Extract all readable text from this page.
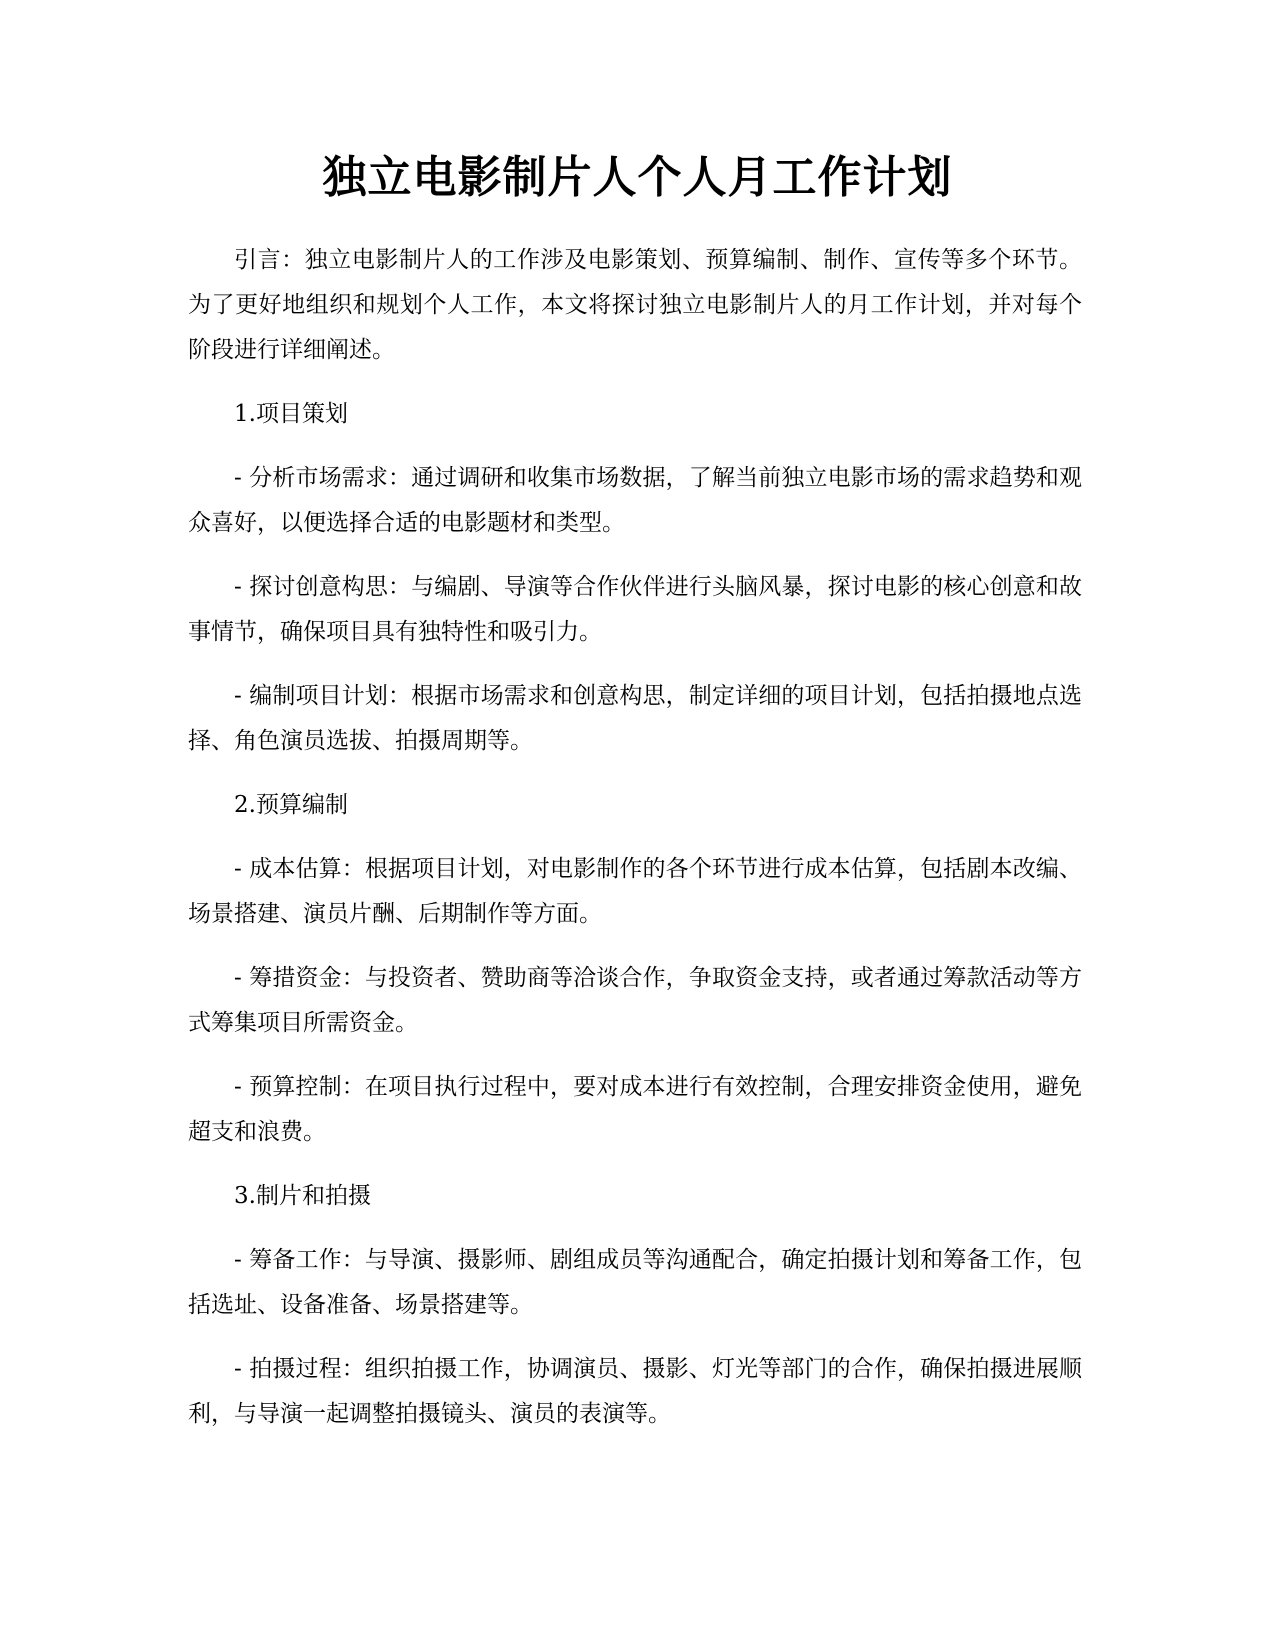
独立电影制片人个人月工作计划

引言：独立电影制片人的工作涉及电影策划、预算编制、制作、宣传等多个环节。为了更好地组织和规划个人工作，本文将探讨独立电影制片人的月工作计划，并对每个阶段进行详细阐述。

1.项目策划

- 分析市场需求：通过调研和收集市场数据，了解当前独立电影市场的需求趋势和观众喜好，以便选择合适的电影题材和类型。

- 探讨创意构思：与编剧、导演等合作伙伴进行头脑风暴，探讨电影的核心创意和故事情节，确保项目具有独特性和吸引力。

- 编制项目计划：根据市场需求和创意构思，制定详细的项目计划，包括拍摄地点选择、角色演员选拔、拍摄周期等。

2.预算编制

- 成本估算：根据项目计划，对电影制作的各个环节进行成本估算，包括剧本改编、场景搭建、演员片酬、后期制作等方面。

- 筹措资金：与投资者、赞助商等洽谈合作，争取资金支持，或者通过筹款活动等方式筹集项目所需资金。

- 预算控制：在项目执行过程中，要对成本进行有效控制，合理安排资金使用，避免超支和浪费。

3.制片和拍摄

- 筹备工作：与导演、摄影师、剧组成员等沟通配合，确定拍摄计划和筹备工作，包括选址、设备准备、场景搭建等。

- 拍摄过程：组织拍摄工作，协调演员、摄影、灯光等部门的合作，确保拍摄进展顺利，与导演一起调整拍摄镜头、演员的表演等。
